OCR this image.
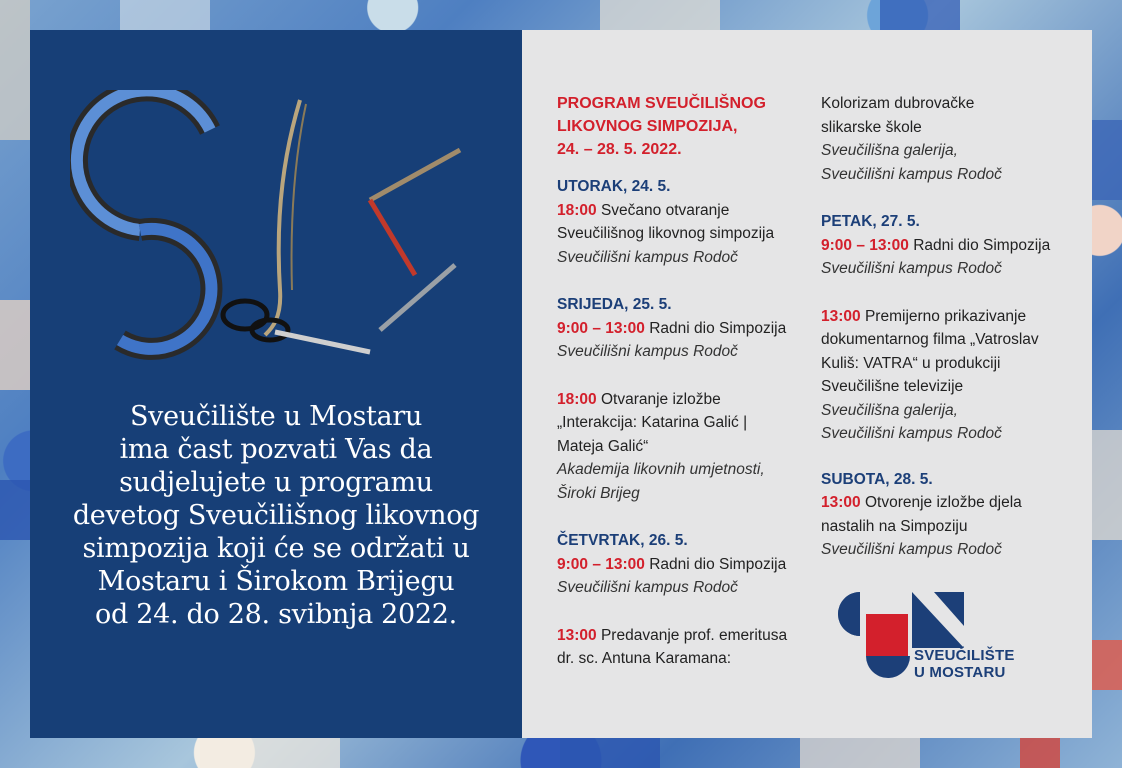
Sveučilište u Mostaru
ima čast pozvati Vas da
sudjelujete u programu
devetog Sveučilišnog likovnog
simpozija koji će se održati u
Mostaru i Širokom Brijegu
od 24. do 28. svibnja 2022.
PROGRAM SVEUČILIŠNOG
LIKOVNOG SIMPOZIJA,
24. – 28. 5. 2022.
UTORAK, 24. 5.
18:00 Svečano otvaranje
Sveučilišnog likovnog simpozija
Sveučilišni kampus Rodoč
SRIJEDA, 25. 5.
9:00 – 13:00 Radni dio Simpozija
Sveučilišni kampus Rodoč
18:00 Otvaranje izložbe
„Interakcija: Katarina Galić |
Mateja Galić“
Akademija likovnih umjetnosti,
Široki Brijeg
ČETVRTAK, 26. 5.
9:00 – 13:00 Radni dio Simpozija
Sveučilišni kampus Rodoč
13:00 Predavanje prof. emeritusa
dr. sc. Antuna Karamana:
Kolorizam dubrovačke
slikarske škole
Sveučilišna galerija,
Sveučilišni kampus Rodoč
PETAK, 27. 5.
9:00 – 13:00 Radni dio Simpozija
Sveučilišni kampus Rodoč
13:00 Premijerno prikazivanje
dokumentarnog filma „Vatroslav
Kuliš: VATRA“ u produkciji
Sveučilišne televizije
Sveučilišna galerija,
Sveučilišni kampus Rodoč
SUBOTA, 28. 5.
13:00 Otvorenje izložbe djela
nastalih na Simpoziju
Sveučilišni kampus Rodoč
SVEUČILIŠTE
U MOSTARU
